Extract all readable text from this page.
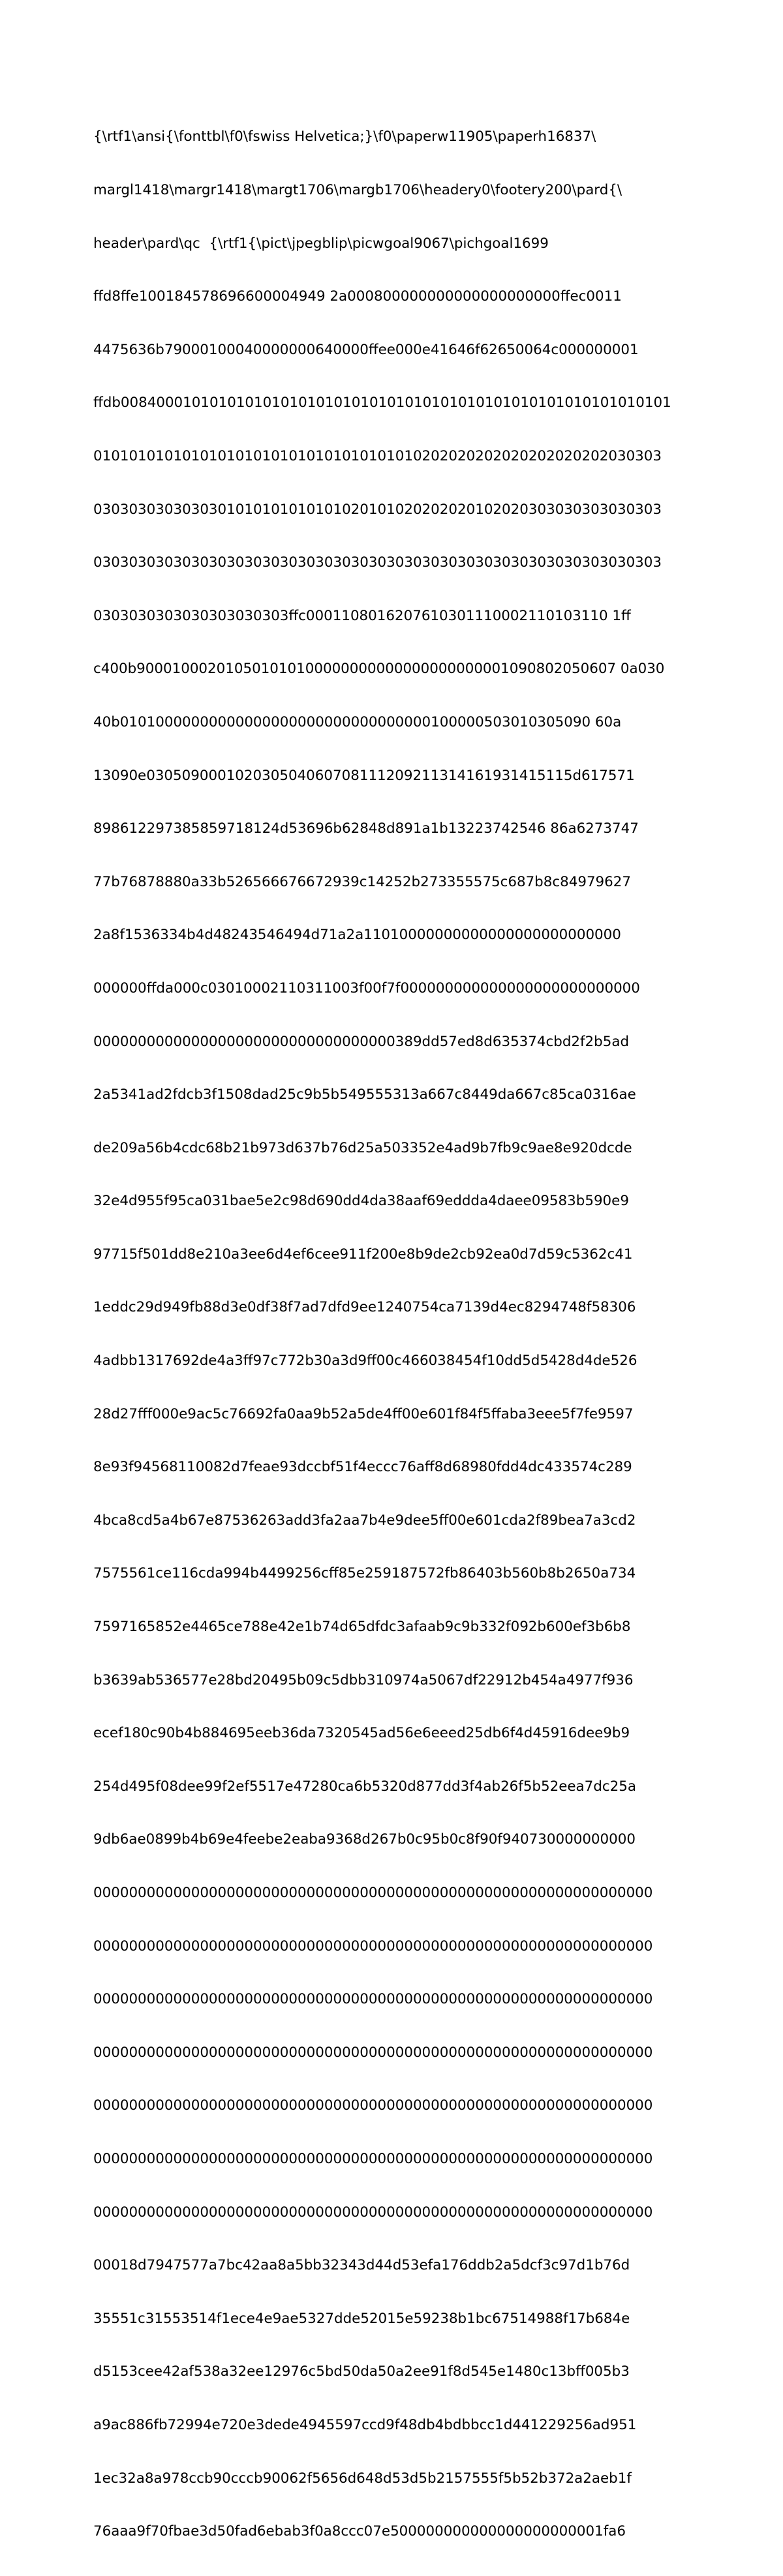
{\rtf1\ansi{\fonttbl\f0\fswiss Helvetica;}\f0\paperw11905\paperh16837\

margl1418\margr1418\margt1706\margb1706\headery0\footery200\pard{\

header\pard\qc  {\rtf1{\pict\jpegblip\picwgoal9067\pichgoal1699

ffd8ffe100184578696600004949 2a000800000000000000000000ffec0011

4475636b79000100040000000640000ffee000e41646f62650064c000000001

ffdb00840001010101010101010101010101010101010101010101010101010101

0101010101010101010101010101010101010202020202020202020202030303

0303030303030301010101010101020101020202020102020303030303030303

0303030303030303030303030303030303030303030303030303030303030303

0303030303030303030303ffc0001108016207610301110002110103110 1ff

c400b900010002010501010100000000000000000000001090802050607 0a030

40b01010000000000000000000000000000000100000503010305090 60a

13090e030509000102030504060708111209211314161931415115d617571

898612297385859718124d53696b62848d891a1b13223742546 86a6273747

77b76878880a33b526566676672939c14252b273355575c687b8c84979627

2a8f1536334b4d48243546494d71a2a11010000000000000000000000000

000000ffda000c03010002110311003f00f7f000000000000000000000000000

0000000000000000000000000000000000389dd57ed8d635374cbd2f2b5ad

2a5341ad2fdcb3f1508dad25c9b5b549555313a667c8449da667c85ca0316ae

de209a56b4cdc68b21b973d637b76d25a503352e4ad9b7fb9c9ae8e920dcde

32e4d955f95ca031bae5e2c98d690dd4da38aaf69eddda4daee09583b590e9

97715f501dd8e210a3ee6d4ef6cee911f200e8b9de2cb92ea0d7d59c5362c41

1eddc29d949fb88d3e0df38f7ad7dfd9ee1240754ca7139d4ec8294748f58306

4adbb1317692de4a3ff97c772b30a3d9ff00c466038454f10dd5d5428d4de526

28d27fff000e9ac5c76692fa0aa9b52a5de4ff00e601f84f5ffaba3eee5f7fe9597

8e93f94568110082d7feae93dccbf51f4eccc76aff8d68980fdd4dc433574c289

4bca8cd5a4b67e87536263add3fa2aa7b4e9dee5ff00e601cda2f89bea7a3cd2

7575561ce116cda994b4499256cff85e259187572fb86403b560b8b2650a734

7597165852e4465ce788e42e1b74d65dfdc3afaab9c9b332f092b600ef3b6b8

b3639ab536577e28bd20495b09c5dbb310974a5067df22912b454a4977f936

ecef180c90b4b884695eeb36da7320545ad56e6eeed25db6f4d45916dee9b9

254d495f08dee99f2ef5517e47280ca6b5320d877dd3f4ab26f5b52eea7dc25a

9db6ae0899b4b69e4feebe2eaba9368d267b0c95b0c8f90f940730000000000

000000000000000000000000000000000000000000000000000000000000000

000000000000000000000000000000000000000000000000000000000000000

000000000000000000000000000000000000000000000000000000000000000

000000000000000000000000000000000000000000000000000000000000000

000000000000000000000000000000000000000000000000000000000000000

000000000000000000000000000000000000000000000000000000000000000

000000000000000000000000000000000000000000000000000000000000000

00018d7947577a7bc42aa8a5bb32343d44d53efa176ddb2a5dcf3c97d1b76d

35551c31553514f1ece4e9ae5327dde52015e59238b1bc67514988f17b684e

d5153cee42af538a32ee12976c5bd50da50a2ee91f8d545e1480c13bff005b3

a9ac886fb72994e720e3dede4945597ccd9f48db4bdbbcc1d441229256ad951

1ec32a8a978ccb90cccb90062f5656d648d53d5b2157555f5b52b372a2aeb1f

76aaa9f70fbae3d50fad6ebab3f0a8ccc07e500000000000000000000001fa6
